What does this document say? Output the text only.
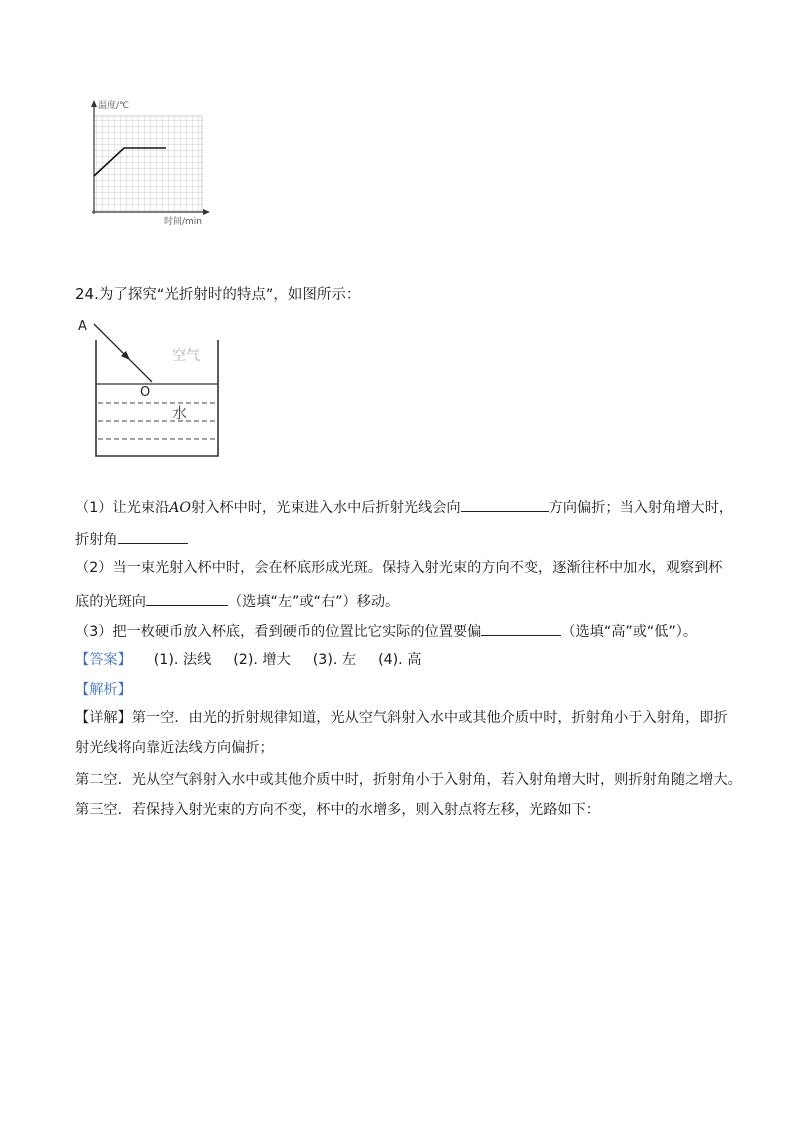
温度/℃
时间/min
24.为了探究“光折射时的特点”，如图所示：
A
O
空气
水
（1）让光束沿AO射入杯中时，光束进入水中后折射光线会向	方向偏折；当入射角增大时，
折射角
（2）当一束光射入杯中时，会在杯底形成光斑。保持入射光束的方向不变，逐渐往杯中加水，观察到杯
底的光斑向	（选填“左”或“右”）移动。
（3）把一枚硬币放入杯底，看到硬币的位置比它实际的位置要偏	（选填“高”或“低”）。
【答案】 (1). 法线 (2). 增大 (3). 左 (4). 高
【解析】
【详解】第一空．由光的折射规律知道，光从空气斜射入水中或其他介质中时，折射角小于入射角，即折
射光线将向靠近法线方向偏折；
第二空．光从空气斜射入水中或其他介质中时，折射角小于入射角，若入射角增大时，则折射角随之增大。
第三空．若保持入射光束的方向不变，杯中的水增多，则入射点将左移，光路如下：
